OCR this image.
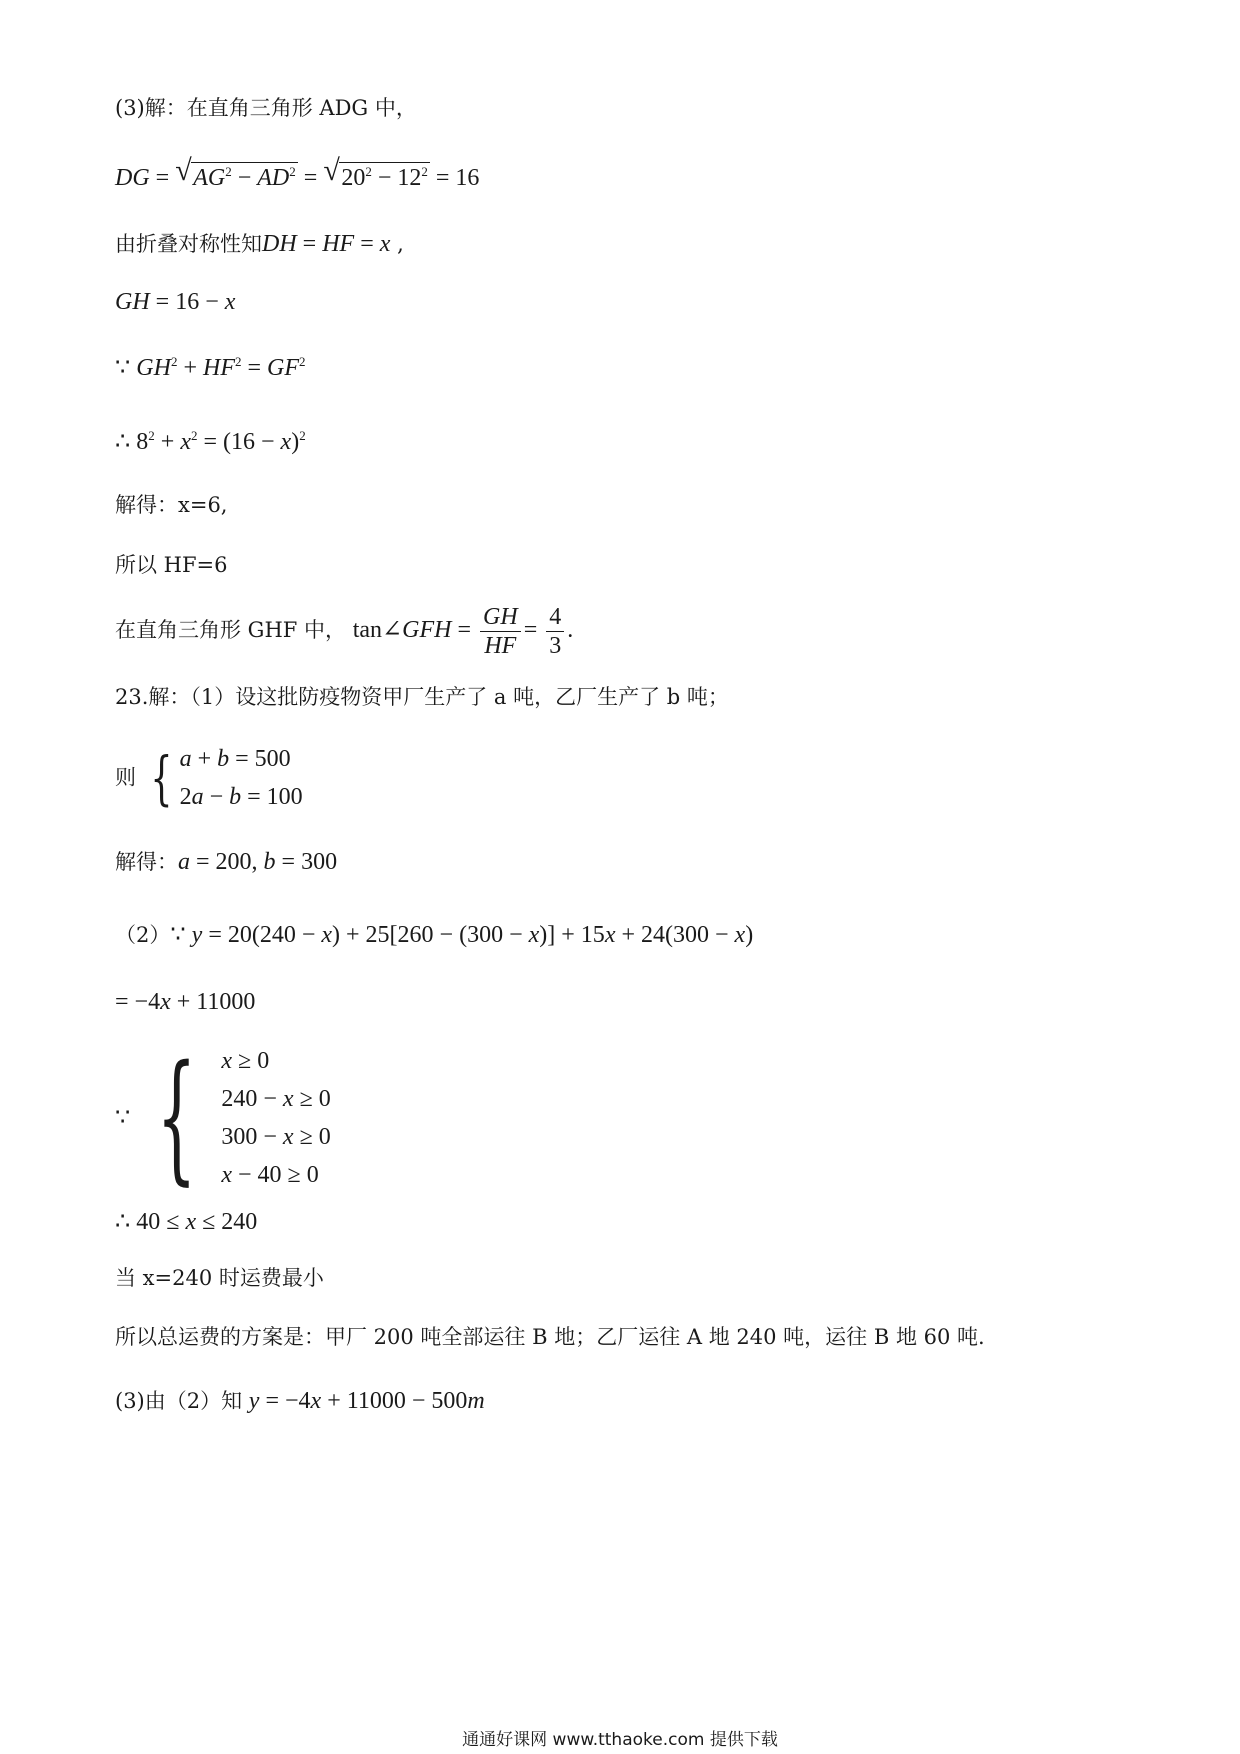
(3)解：在直角三角形 ADG 中，
DG = √ $AG^2 - AD^2$ = √ $20^2 - 12^2 = 16$
由折叠对称性知DH = HF = x ,
GH = 16 − x
∵ $GH^2 + HF^2 = GF^2$
∴ $8^2 + x^2 = (16 - x)^2$
解得：x=6,
所以 HF=6
在直角三角形 GHF 中， tan∠GFH = $\frac{GH}{HF} = \frac{4}{3}$ .
23.解：（1）设这批防疫物资甲厂生产了 a 吨，乙厂生产了 b 吨；
则 { a + b = 500
2a − b = 100
解得：a = 200, b = 300
（2）∵ y = 20(240 − x) + 25[260 − (300 − x)] + 15x + 24(300 − x)
= −4x + 11000
∵ { x ≥ 0
240 − x ≥ 0
300 − x ≥ 0
x − 40 ≥ 0
∴ 40 ≤ x ≤ 240
当 x=240 时运费最小
所以总运费的方案是：甲厂 200 吨全部运往 B 地；乙厂运往 A 地 240 吨，运往 B 地 60 吨.
(3)由（2）知 y = −4x + 11000 − 500m
通通好课网 www.tthaoke.com 提供下载
